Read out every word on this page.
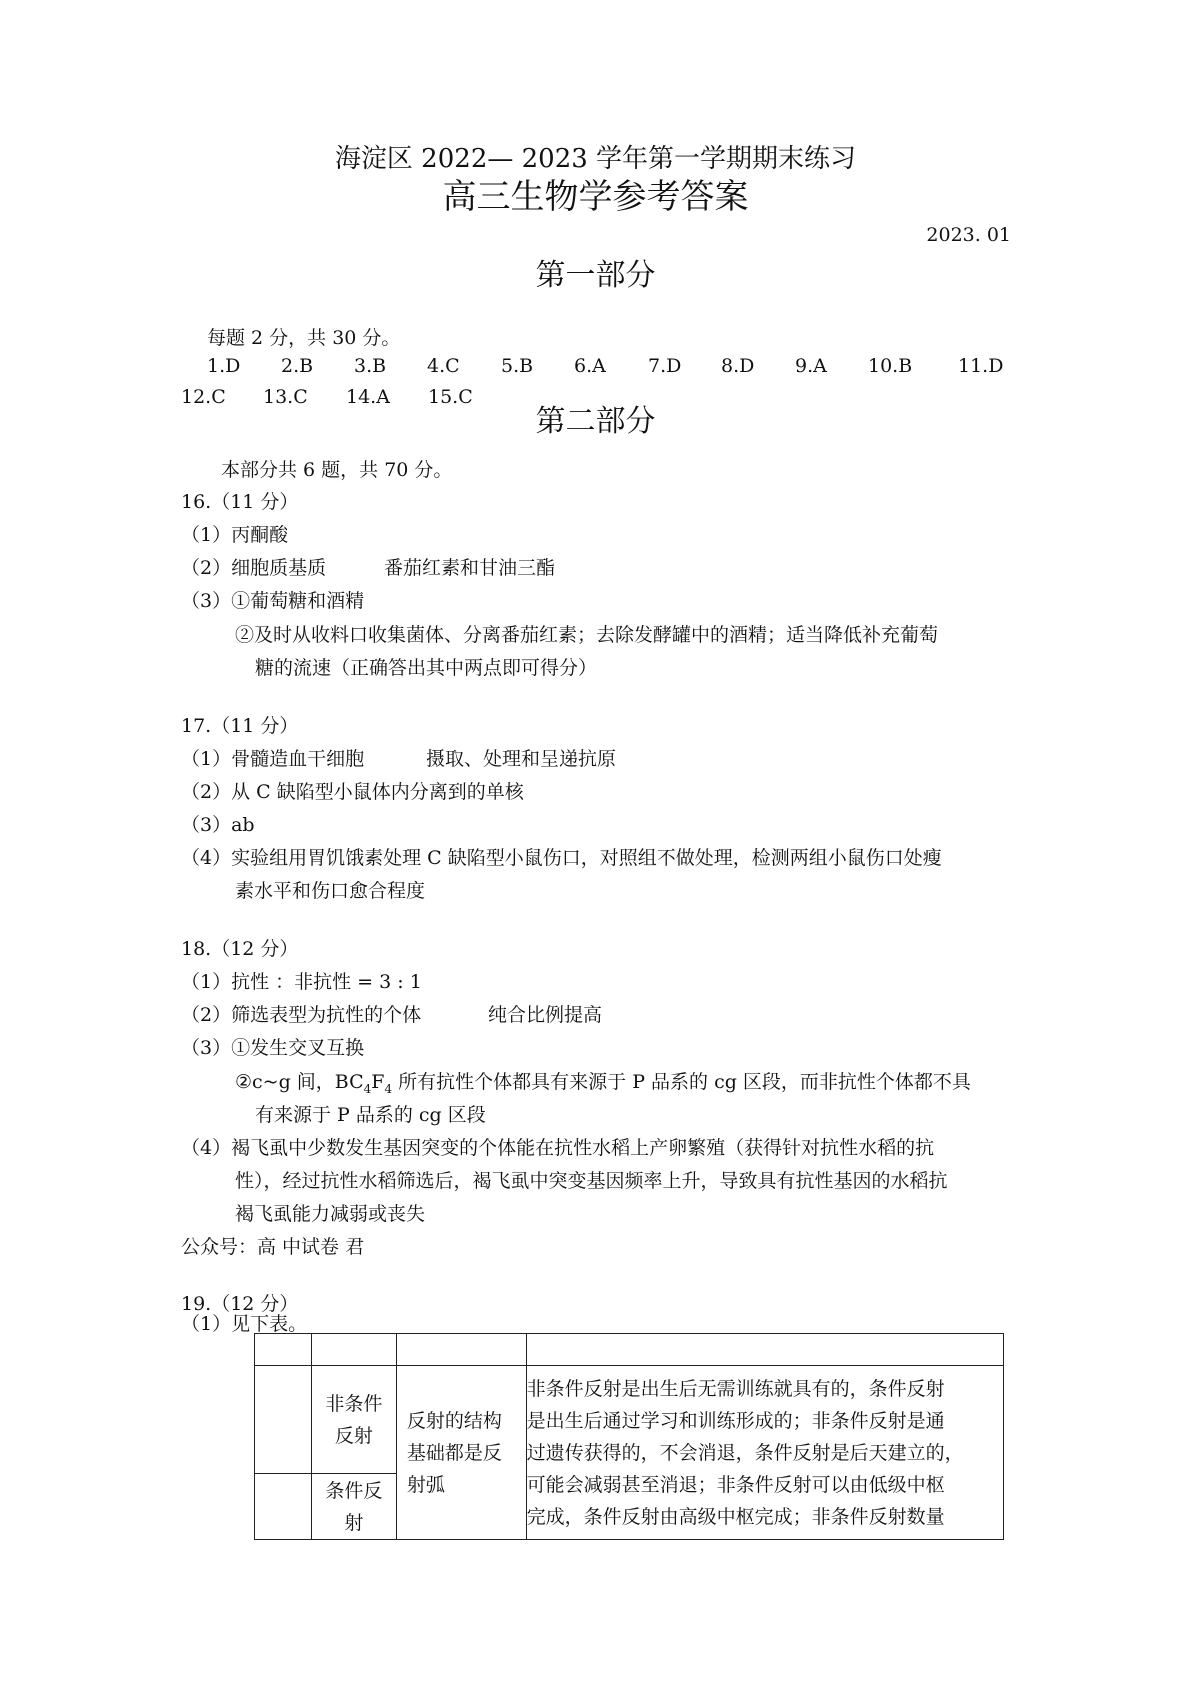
海淀区 2022— 2023 学年第一学期期末练习
高三生物学参考答案
2023. 01
第一部分
每题 2 分，共 30 分。
1.D 2.B 3.B 4.C 5.B 6.A 7.D 8.D 9.A 10.B 11.D
12.C 13.C 14.A 15.C
第二部分
本部分共 6 题，共 70 分。
16.（11 分）
（1）丙酮酸
（2）细胞质基质	番茄红素和甘油三酯
（3）①葡萄糖和酒精
②及时从收料口收集菌体、分离番茄红素；去除发酵罐中的酒精；适当降低补充葡萄
糖的流速（正确答出其中两点即可得分）
17.（11 分）
（1）骨髓造血干细胞	摄取、处理和呈递抗原
（2）从 C 缺陷型小鼠体内分离到的单核
（3）ab
（4）实验组用胃饥饿素处理 C 缺陷型小鼠伤口，对照组不做处理，检测两组小鼠伤口处瘦
素水平和伤口愈合程度
18.（12 分）
（1）抗性 ：非抗性 = 3 : 1
（2）筛选表型为抗性的个体	纯合比例提高
（3）①发生交叉互换
②c~g 间，$BC_4F_4$ 所有抗性个体都具有来源于 P 品系的 cg 区段，而非抗性个体都不具
有来源于 P 品系的 cg 区段
（4）褐飞虱中少数发生基因突变的个体能在抗性水稻上产卵繁殖（获得针对抗性水稻的抗
性），经过抗性水稻筛选后，褐飞虱中突变基因频率上升，导致具有抗性基因的水稻抗
褐飞虱能力减弱或丧失
公众号：高 中试卷 君
19.（12 分）
（1）见下表。

	非条件反射	反射的结构基础都是反射弧	非条件反射是出生后无需训练就具有的，条件反射
是出生后通过学习和训练形成的；非条件反射是通
过遗传获得的，不会消退，条件反射是后天建立的，
可能会减弱甚至消退；非条件反射可以由低级中枢
完成，条件反射由高级中枢完成；非条件反射数量

	条件反射		
